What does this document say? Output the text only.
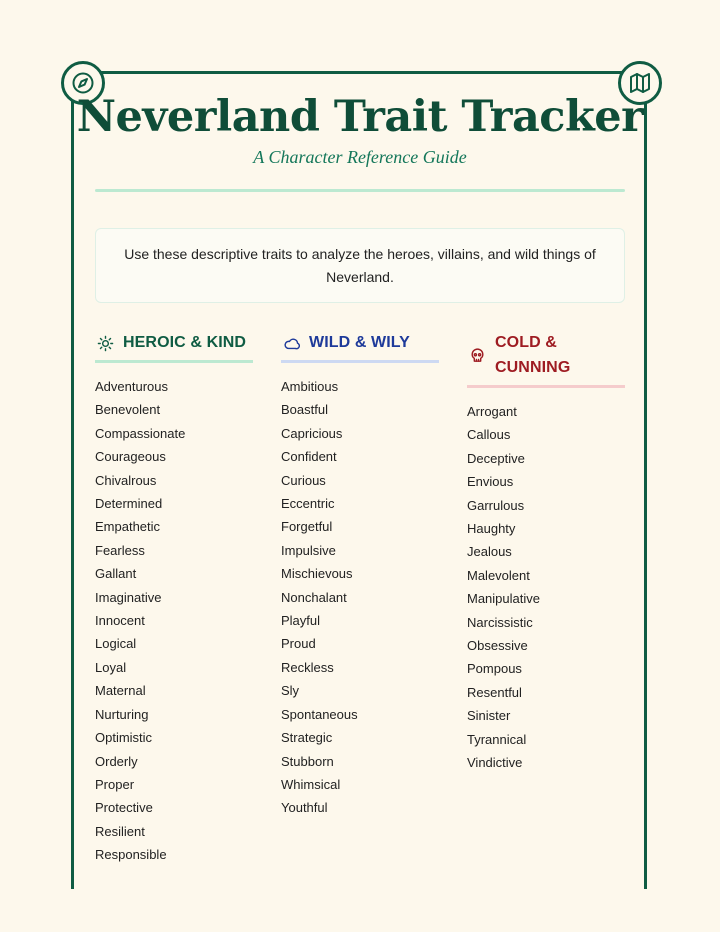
Neverland Trait Tracker

A Character Reference Guide

Use these descriptive traits to analyze the heroes, villains, and wild things of Neverland.
HEROIC & KIND
Adventurous
Benevolent
Compassionate
Courageous
Chivalrous
Determined
Empathetic
Fearless
Gallant
Imaginative
Innocent
Logical
Loyal
Maternal
Nurturing
Optimistic
Orderly
Proper
Protective
Resilient
Responsible
WILD & WILY
Ambitious
Boastful
Capricious
Confident
Curious
Eccentric
Forgetful
Impulsive
Mischievous
Nonchalant
Playful
Proud
Reckless
Sly
Spontaneous
Strategic
Stubborn
Whimsical
Youthful
COLD & CUNNING
Arrogant
Callous
Deceptive
Envious
Garrulous
Haughty
Jealous
Malevolent
Manipulative
Narcissistic
Obsessive
Pompous
Resentful
Sinister
Tyrannical
Vindictive
